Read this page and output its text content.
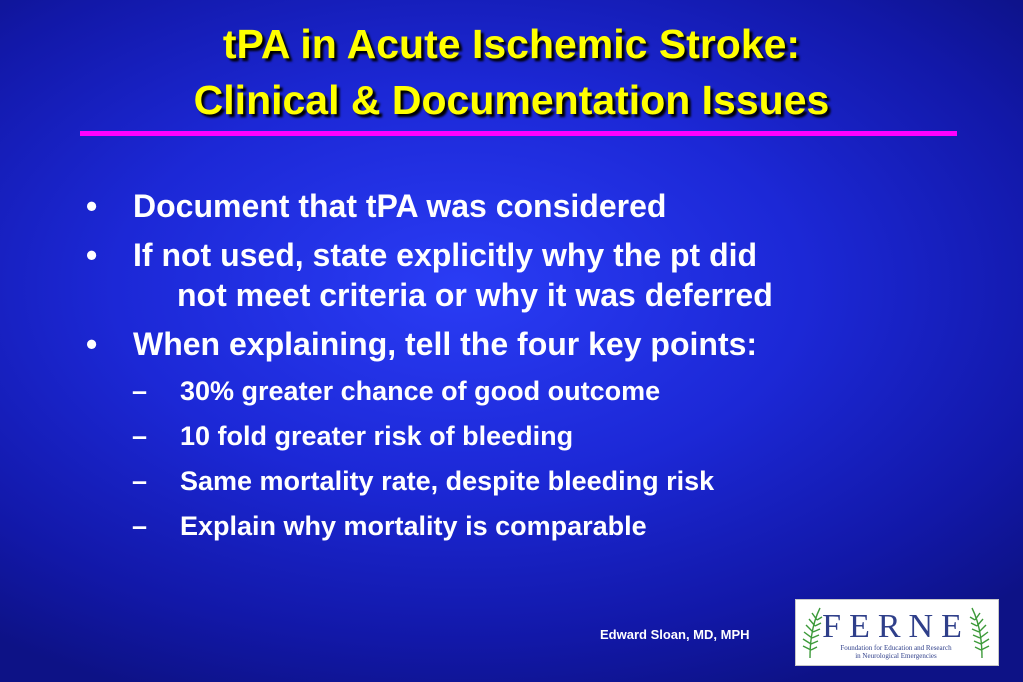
tPA in Acute Ischemic Stroke:
Clinical & Documentation Issues
•	Document that tPA was considered
•	If not used, state explicitly why the pt did
not meet criteria or why it was deferred
•	When explaining, tell the four key points:
– 30% greater chance of good outcome
– 10 fold greater risk of bleeding
– Same mortality rate, despite bleeding risk
– Explain why mortality is comparable
Edward Sloan, MD, MPH FERNE
Foundation for Education and Research
in Neurological Emergencies
